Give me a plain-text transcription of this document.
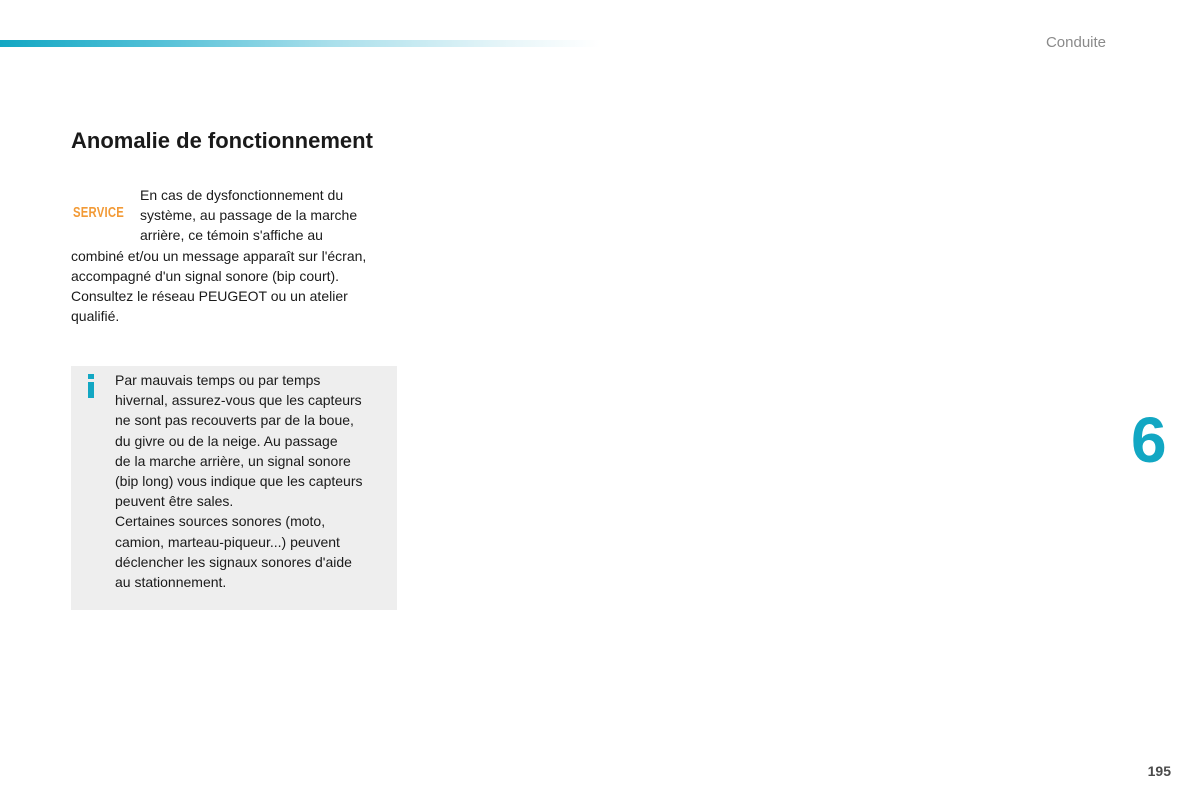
Conduite
Anomalie de fonctionnement
SERVICE
En cas de dysfonctionnement du
système, au passage de la marche
arrière, ce témoin s'affiche au
combiné et/ou un message apparaît sur l'écran,
accompagné d'un signal sonore (bip court).
Consultez le réseau PEUGEOT ou un atelier
qualifié.
Par mauvais temps ou par temps
hivernal, assurez-vous que les capteurs
ne sont pas recouverts par de la boue,
du givre ou de la neige. Au passage
de la marche arrière, un signal sonore
(bip long) vous indique que les capteurs
peuvent être sales.
Certaines sources sonores (moto,
camion, marteau-piqueur...) peuvent
déclencher les signaux sonores d'aide
au stationnement.
6
195
